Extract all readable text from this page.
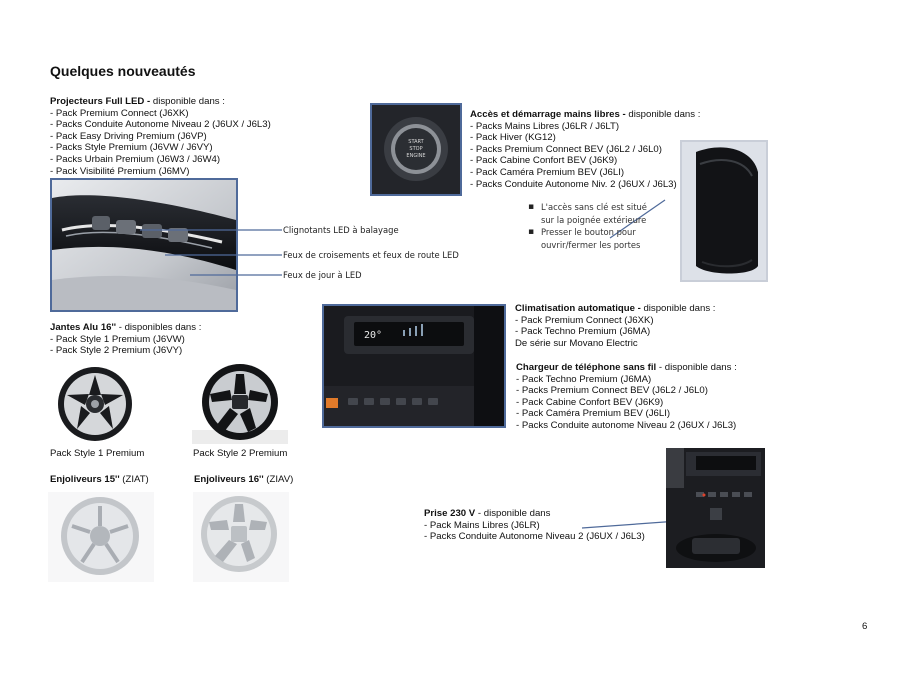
Quelques nouveautés
Projecteurs Full LED - disponible dans :
- Pack Premium Connect (J6XK)
- Packs Conduite Autonome Niveau 2 (J6UX / J6L3)
- Pack Easy Driving Premium (J6VP)
- Packs Style Premium (J6VW / J6VY)
- Packs Urbain Premium (J6W3 / J6W4)
- Pack Visibilité Premium (J6MV)
Clignotants LED à balayage
Feux de croisements et feux de route LED
Feux de jour à LED
START
STOP
ENGINE
Accès et démarrage mains libres - disponible dans :
- Packs Mains Libres (J6LR / J6LT)
- Pack Hiver (KG12)
- Packs Premium Connect BEV (J6L2 / J6L0)
- Pack Cabine Confort BEV (J6K9)
- Pack Caméra Premium BEV (J6LI)
- Packs Conduite Autonome Niv. 2 (J6UX / J6L3)
▪ L'accès sans clé est situé sur la poignée extérieure
▪ Presser le bouton pour ouvrir/fermer les portes
Jantes Alu 16'' - disponibles dans :
- Pack Style 1 Premium (J6VW)
- Pack Style 2 Premium (J6VY)
Pack Style 1 Premium	Pack Style 2 Premium
Enjoliveurs 15'' (ZIAT)	Enjoliveurs 16'' (ZIAV)
20°
Climatisation automatique - disponible dans :
- Pack Premium Connect (J6XK)
- Pack Techno Premium (J6MA)
De série sur Movano Electric
Chargeur de téléphone sans fil - disponible dans :
- Pack Techno Premium (J6MA)
- Packs Premium Connect BEV (J6L2 / J6L0)
- Pack Cabine Confort BEV (J6K9)
- Pack Caméra Premium BEV (J6LI)
- Packs Conduite autonome Niveau 2 (J6UX / J6L3)
Prise 230 V - disponible dans
- Pack Mains Libres (J6LR)
- Packs Conduite Autonome Niveau 2 (J6UX / J6L3)
6
